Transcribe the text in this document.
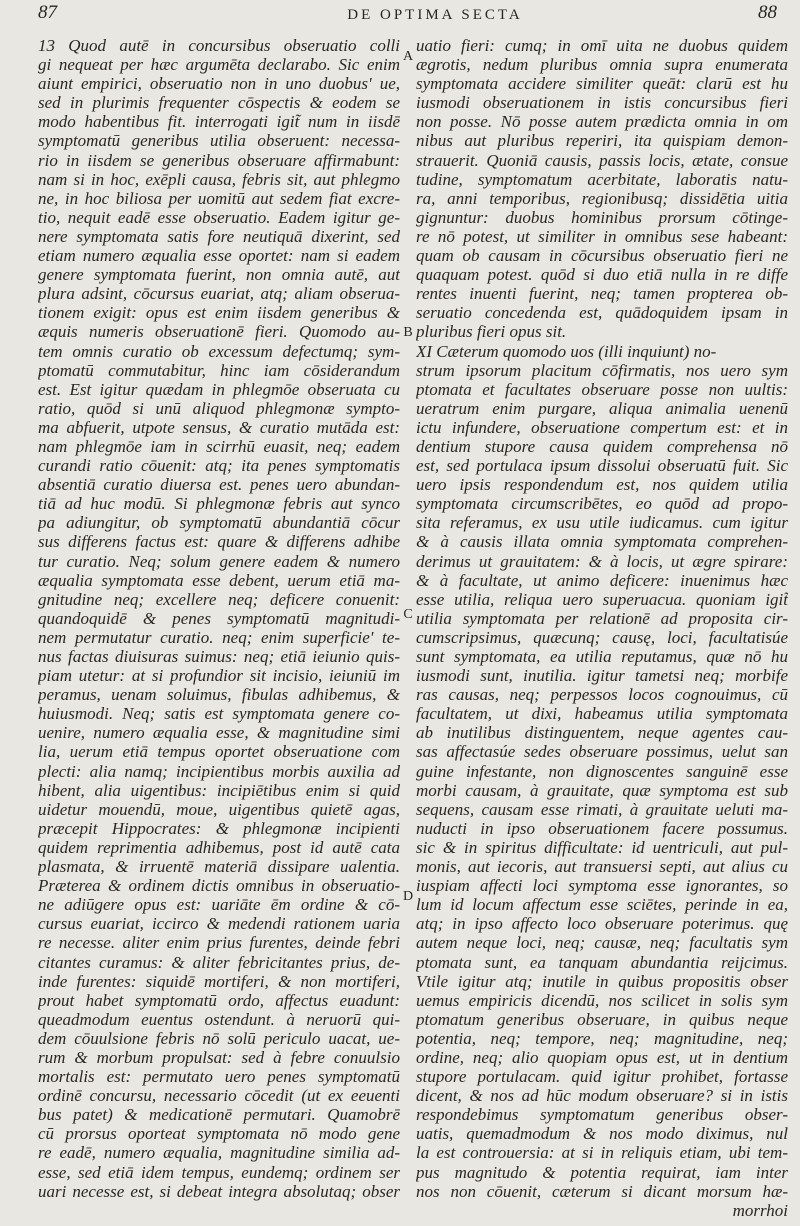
87	DE OPTIMA SECTA	88
13 Quod autē in concursibus obseruatio colli
gi nequeat per hæc argumēta declarabo. Sic enim
aiunt empirici, obseruatio non in uno duobus' ue,
sed in plurimis frequenter cōspectis & eodem se
modo habentibus fit. interrogati igit̃ num in iisdē
symptomatū generibus utilia obseruent: necessa-
rio in iisdem se generibus obseruare affirmabunt:
nam si in hoc, exēpli causa, febris sit, aut phlegmo
ne, in hoc biliosa per uomitū aut sedem fiat excre-
tio, nequit eadē esse obseruatio. Eadem igitur ge-
nere symptomata satis fore neutiquā dixerint, sed
etiam numero æqualia esse oportet: nam si eadem
genere symptomata fuerint, non omnia autē, aut
plura adsint, cōcursus euariat, atq; aliam obserua-
tionem exigit: opus est enim iisdem generibus &
æquis numeris obseruationē fieri. Quomodo au-
tem omnis curatio ob excessum defectumq; sym-
ptomatū commutabitur, hinc iam cōsiderandum
est. Est igitur quædam in phlegmōe obseruata cu
ratio, quōd si unū aliquod phlegmonæ sympto-
ma abfuerit, utpote sensus, & curatio mutāda est:
nam phlegmōe iam in scirrhū euasit, neq; eadem
curandi ratio cōuenit: atq; ita penes symptomatis
absentiā curatio diuersa est. penes uero abundan-
tiā ad huc modū. Si phlegmonæ febris aut synco
pa adiungitur, ob symptomatū abundantiā cōcur
sus differens factus est: quare & differens adhibe
tur curatio. Neq; solum genere eadem & numero
æqualia symptomata esse debent, uerum etiā ma-
gnitudine neq; excellere neq; deficere conuenit:
quandoquidē & penes symptomatū magnitudi-
nem permutatur curatio. neq; enim superficie' te-
nus factas diuisuras suimus: neq; etiā ieiunio quis-
piam utetur: at si profundior sit incisio, ieiuniū im
peramus, uenam soluimus, fibulas adhibemus, &
huiusmodi. Neq; satis est symptomata genere co-
uenire, numero æqualia esse, & magnitudine simi
lia, uerum etiā tempus oportet obseruatione com
plecti: alia namq; incipientibus morbis auxilia ad
hibent, alia uigentibus: incipiētibus enim si quid
uidetur mouendū, moue, uigentibus quietē agas,
præcepit Hippocrates: & phlegmonæ incipienti
quidem reprimentia adhibemus, post id autē cata
plasmata, & irruentē materiā dissipare ualentia.
Præterea & ordinem dictis omnibus in obseruatio-
ne adiūgere opus est: uariāte ēm ordine & cō-
cursus euariat, iccirco & medendi rationem uaria
re necesse. aliter enim prius furentes, deinde febri
citantes curamus: & aliter febricitantes prius, de-
inde furentes: siquidē mortiferi, & non mortiferi,
prout habet symptomatū ordo, affectus euadunt:
queadmodum euentus ostendunt. à neruorū qui-
dem cōuulsione febris nō solū periculo uacat, ue-
rum & morbum propulsat: sed à febre conuulsio
mortalis est: permutato uero penes symptomatū
ordinē concursu, necessario cōcedit (ut ex eeuenti
bus patet) & medicationē permutari. Quamobrē
cū prorsus oporteat symptomata nō modo gene
re eadē, numero æqualia, magnitudine similia ad-
esse, sed etiā idem tempus, eundemq; ordinem ser
uari necesse est, si debeat integra absolutaq; obser
uatio fieri: cumq; in omī uita ne duobus quidem
ægrotis, nedum pluribus omnia supra enumerata
symptomata accidere similiter queāt: clarū est hu
iusmodi obseruationem in istis concursibus fieri
non posse. Nō posse autem prædicta omnia in om
nibus aut pluribus reperiri, ita quispiam demon-
strauerit. Quoniā causis, passis locis, ætate, consue
tudine, symptomatum acerbitate, laboratis natu-
ra, anni temporibus, regionibusq; dissidētia uitia
gignuntur: duobus hominibus prorsum cōtinge-
re nō potest, ut similiter in omnibus sese habeant:
quam ob causam in cōcursibus obseruatio fieri ne
quaquam potest. quōd si duo etiā nulla in re diffe
rentes inuenti fuerint, neq; tamen propterea ob-
seruatio concedenda est, quādoquidem ipsam in
pluribus fieri opus sit.
XI Cæterum quomodo uos (illi inquiunt) no-
strum ipsorum placitum cōfirmatis, nos uero sym
ptomata et facultates obseruare posse non uultis:
ueratrum enim purgare, aliqua animalia uenenū
ictu infundere, obseruatione compertum est: et in
dentium stupore causa quidem comprehensa nō
est, sed portulaca ipsum dissolui obseruatū fuit. Sic
uero ipsis respondendum est, nos quidem utilia
symptomata circumscribētes, eo quōd ad propo-
sita referamus, ex usu utile iudicamus. cum igitur
& à causis illata omnia symptomata comprehen-
derimus ut grauitatem: & à locis, ut ægre spirare:
& à facultate, ut animo deficere: inuenimus hæc
esse utilia, reliqua uero superuacua. quoniam igit̃
utilia symptomata per relationē ad proposita cir-
cumscripsimus, quæcunq; causę, loci, facultatisúe
sunt symptomata, ea utilia reputamus, quæ nō hu
iusmodi sunt, inutilia. igitur tametsi neq; morbife
ras causas, neq; perpessos locos cognouimus, cū
facultatem, ut dixi, habeamus utilia symptomata
ab inutilibus distinguentem, neque agentes cau-
sas affectasúe sedes obseruare possimus, uelut san
guine infestante, non dignoscentes sanguinē esse
morbi causam, à grauitate, quæ symptoma est sub
sequens, causam esse rimati, à grauitate ueluti ma-
nuducti in ipso obseruationem facere possumus.
sic & in spiritus difficultate: id uentriculi, aut pul-
monis, aut iecoris, aut transuersi septi, aut alius cu
iuspiam affecti loci symptoma esse ignorantes, so
lum id locum affectum esse sciētes, perinde in ea,
atq; in ipso affecto loco obseruare poterimus. quę
autem neque loci, neq; causæ, neq; facultatis sym
ptomata sunt, ea tanquam abundantia reijcimus.
Vtile igitur atq; inutile in quibus propositis obser
uemus empiricis dicendū, nos scilicet in solis sym
ptomatum generibus obseruare, in quibus neque
potentia, neq; tempore, neq; magnitudine, neq;
ordine, neq; alio quopiam opus est, ut in dentium
stupore portulacam. quid igitur prohibet, fortasse
dicent, & nos ad hūc modum obseruare? si in istis
respondebimus symptomatum generibus obser-
uatis, quemadmodum & nos modo diximus, nul
la est controuersia: at si in reliquis etiam, ubi tem-
pus magnitudo & potentia requirat, iam inter
nos non cōuenit, cæterum si dicant morsum hæ-
A
B
C
D
morrhoi
